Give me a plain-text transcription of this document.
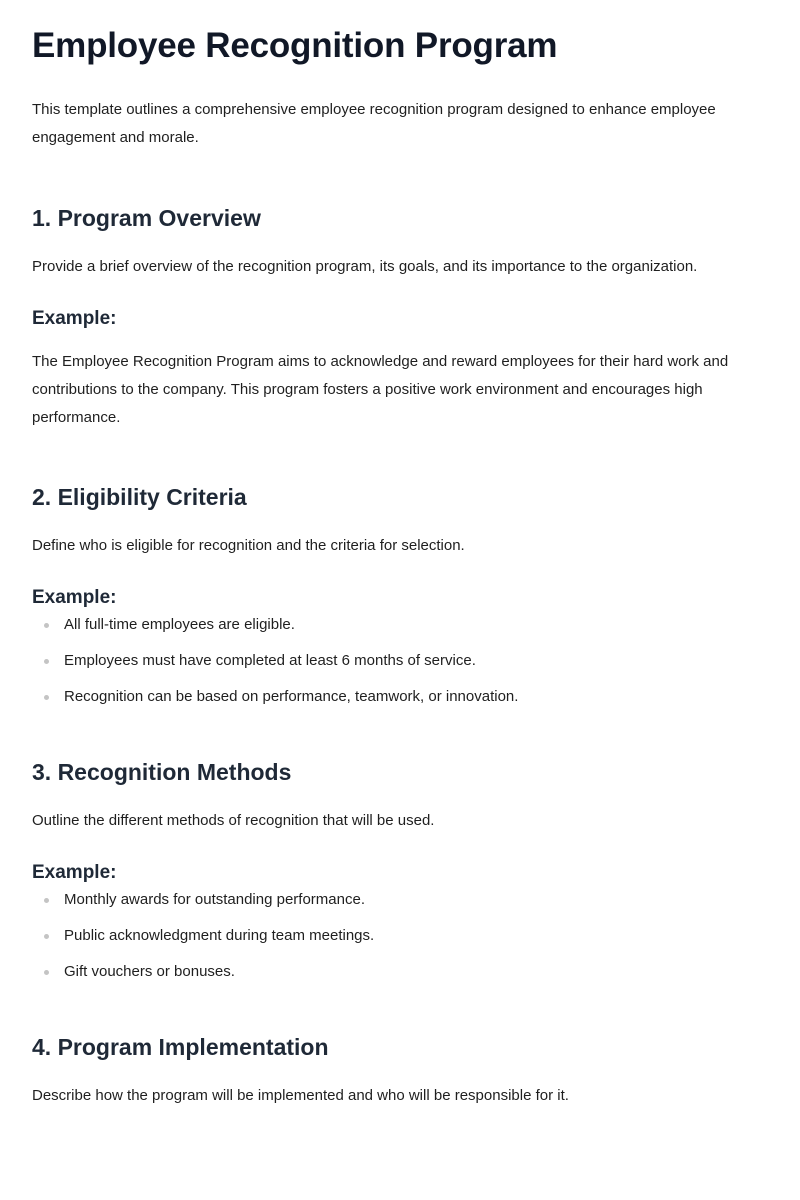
Employee Recognition Program

This template outlines a comprehensive employee recognition program designed to enhance employee engagement and morale.

1. Program Overview

Provide a brief overview of the recognition program, its goals, and its importance to the organization.

Example:

The Employee Recognition Program aims to acknowledge and reward employees for their hard work and contributions to the company. This program fosters a positive work environment and encourages high performance.

2. Eligibility Criteria

Define who is eligible for recognition and the criteria for selection.

Example:
All full-time employees are eligible.
Employees must have completed at least 6 months of service.
Recognition can be based on performance, teamwork, or innovation.
3. Recognition Methods

Outline the different methods of recognition that will be used.

Example:
Monthly awards for outstanding performance.
Public acknowledgment during team meetings.
Gift vouchers or bonuses.
4. Program Implementation

Describe how the program will be implemented and who will be responsible for it.
